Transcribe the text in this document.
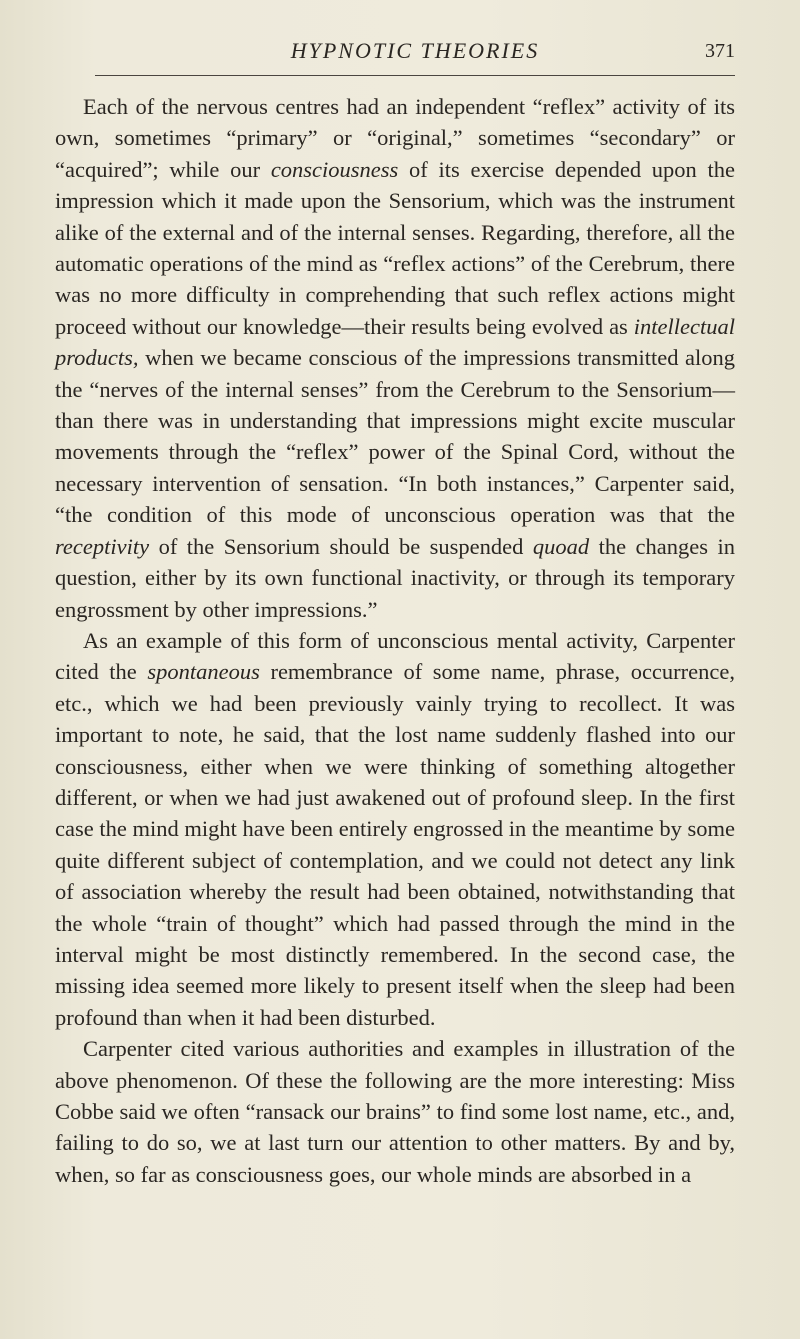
HYPNOTIC THEORIES	371

Each of the nervous centres had an independent “reflex” activity of its own, sometimes “primary” or “original,” sometimes “secondary” or “acquired”; while our consciousness of its exercise depended upon the impression which it made upon the Sensorium, which was the instrument alike of the external and of the internal senses. Regarding, therefore, all the automatic operations of the mind as “reflex actions” of the Cerebrum, there was no more difficulty in comprehending that such reflex actions might proceed without our knowledge—their results being evolved as intellectual products, when we became conscious of the impressions transmitted along the “nerves of the internal senses” from the Cerebrum to the Sensorium—than there was in understanding that impressions might excite muscular movements through the “reflex” power of the Spinal Cord, without the necessary intervention of sensation. “In both instances,” Carpenter said, “the condition of this mode of unconscious operation was that the receptivity of the Sensorium should be suspended quoad the changes in question, either by its own functional inactivity, or through its temporary engrossment by other impressions.”

As an example of this form of unconscious mental activity, Carpenter cited the spontaneous remembrance of some name, phrase, occurrence, etc., which we had been previously vainly trying to recollect. It was important to note, he said, that the lost name suddenly flashed into our consciousness, either when we were thinking of something altogether different, or when we had just awakened out of profound sleep. In the first case the mind might have been entirely engrossed in the meantime by some quite different subject of contemplation, and we could not detect any link of association whereby the result had been obtained, notwithstanding that the whole “train of thought” which had passed through the mind in the interval might be most distinctly remembered. In the second case, the missing idea seemed more likely to present itself when the sleep had been profound than when it had been disturbed.

Carpenter cited various authorities and examples in illustration of the above phenomenon. Of these the following are the more interesting: Miss Cobbe said we often “ransack our brains” to find some lost name, etc., and, failing to do so, we at last turn our attention to other matters. By and by, when, so far as consciousness goes, our whole minds are absorbed in a
